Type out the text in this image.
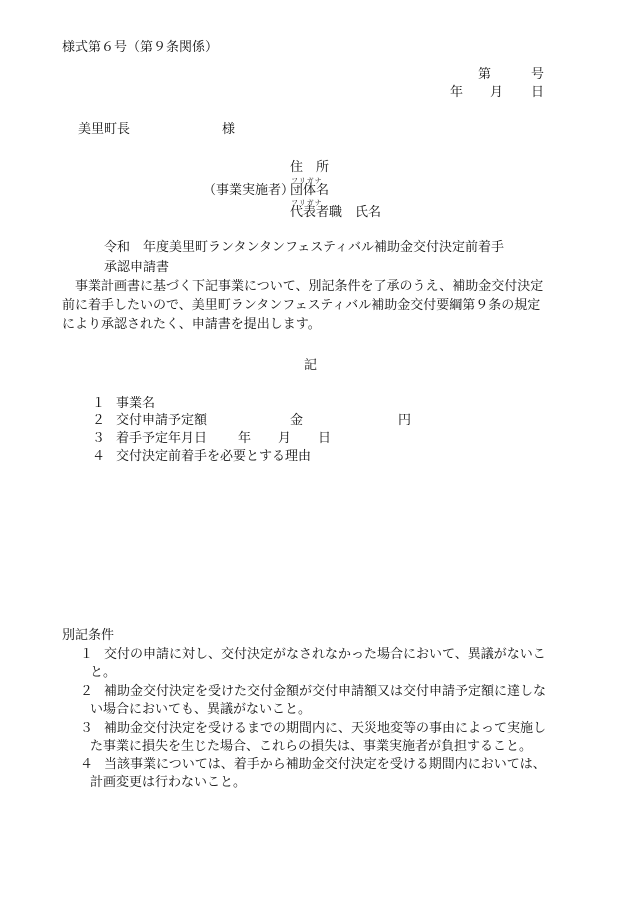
様式第６号（第９条関係）
第	号
年 月 日
美里町長	様
住　所
フリガナ
（事業実施者）
団体名
フリガナ
代表者職　氏名
令和　年度美里町ランタンタンフェスティバル補助金交付決定前着手
承認申請書
　事業計画書に基づく下記事業について、別記条件を了承のうえ、補助金交付決定
前に着手したいので、美里町ランタンフェスティバル補助金交付要綱第９条の規定
により承認されたく、申請書を提出します。
記
１ 事業名
２ 交付申請予定額	金	円
３ 着手予定年月日 年 月 日
４ 交付決定前着手を必要とする理由
別記条件
１ 交付の申請に対し、交付決定がなされなかった場合において、異議がないこ
と。
２ 補助金交付決定を受けた交付金額が交付申請額又は交付申請予定額に達しな
い場合においても、異議がないこと。
３ 補助金交付決定を受けるまでの期間内に、天災地変等の事由によって実施し
た事業に損失を生じた場合、これらの損失は、事業実施者が負担すること。
４ 当該事業については、着手から補助金交付決定を受ける期間内においては、
計画変更は行わないこと。
